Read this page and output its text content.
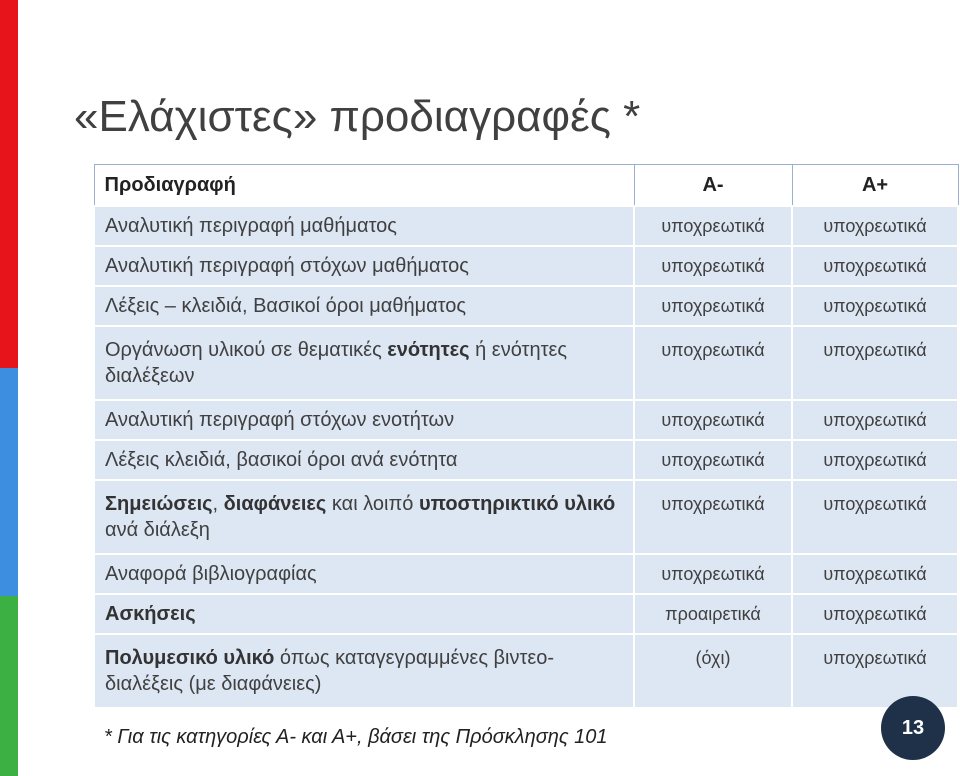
«Ελάχιστες» προδιαγραφές *
Προδιαγραφή	Α-	Α+
Αναλυτική περιγραφή μαθήματος	υποχρεωτικά	υποχρεωτικά
Αναλυτική περιγραφή στόχων μαθήματος	υποχρεωτικά	υποχρεωτικά
Λέξεις – κλειδιά, Βασικοί όροι μαθήματος	υποχρεωτικά	υποχρεωτικά
Οργάνωση υλικού σε θεματικές ενότητες ή ενότητες διαλέξεων	υποχρεωτικά	υποχρεωτικά
Αναλυτική περιγραφή στόχων ενοτήτων	υποχρεωτικά	υποχρεωτικά
Λέξεις κλειδιά, βασικοί όροι ανά ενότητα	υποχρεωτικά	υποχρεωτικά
Σημειώσεις, διαφάνειες και λοιπό υποστηρικτικό υλικό ανά διάλεξη	υποχρεωτικά	υποχρεωτικά
Αναφορά βιβλιογραφίας	υποχρεωτικά	υποχρεωτικά
Ασκήσεις	προαιρετικά	υποχρεωτικά
Πολυμεσικό υλικό όπως καταγεγραμμένες βιντεο-διαλέξεις (με διαφάνειες)	(όχι)	υποχρεωτικά
* Για τις κατηγορίες Α- και Α+, βάσει της Πρόσκλησης 101	13
